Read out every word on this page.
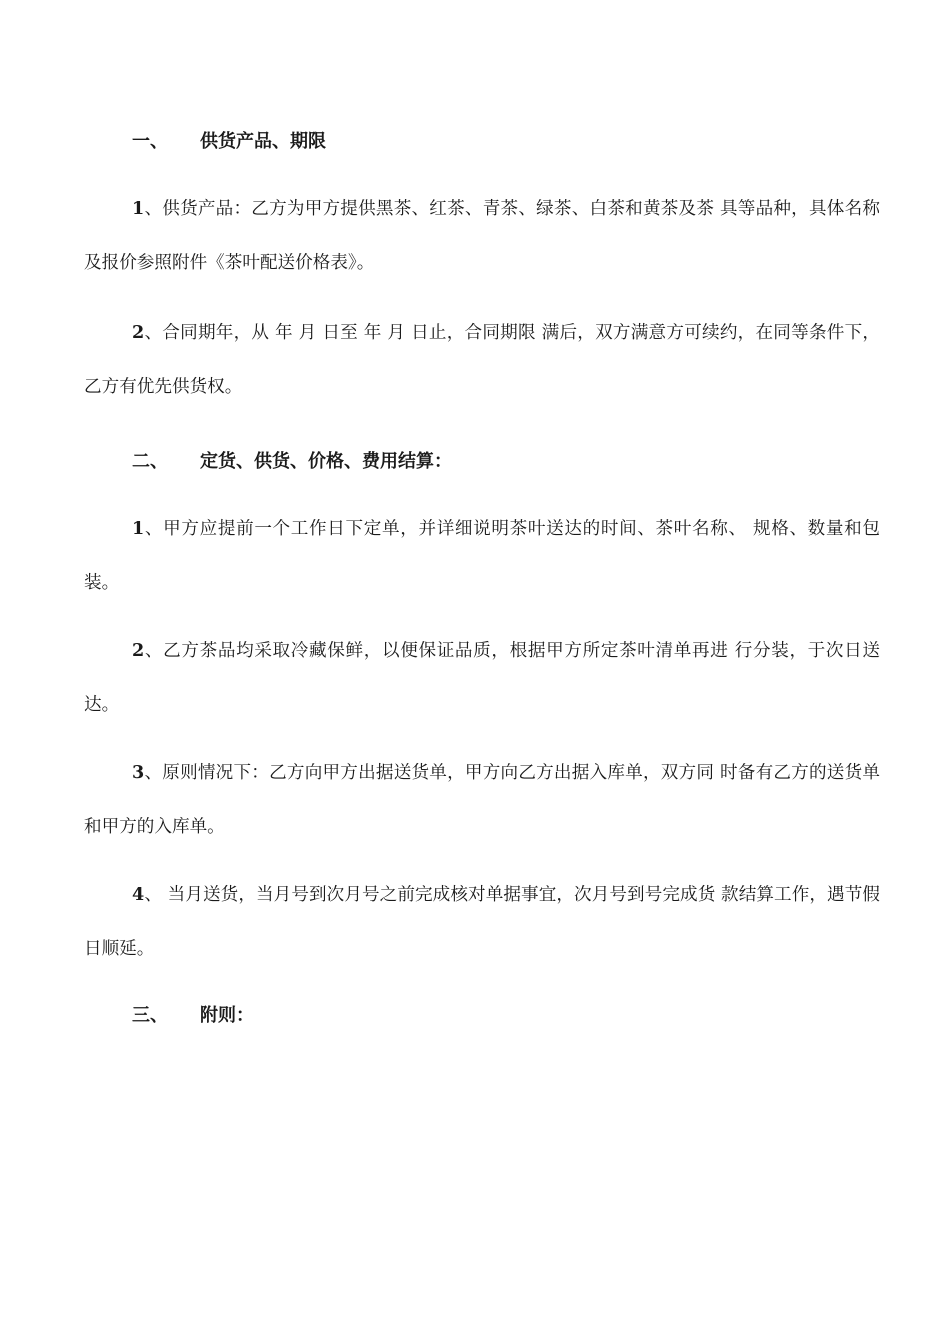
一、 供货产品、期限
1、供货产品：乙方为甲方提供黑茶、红茶、青茶、绿茶、白茶和黄茶及茶 具等品种，具体名称及报价参照附件《茶叶配送价格表》。
2、合同期年，从 年 月 日至 年 月 日止，合同期限 满后，双方满意方可续约，在同等条件下，乙方有优先供货权。
二、 定货、供货、价格、费用结算：
1、甲方应提前一个工作日下定单，并详细说明茶叶送达的时间、茶叶名称、 规格、数量和包装。
2、乙方茶品均采取冷藏保鲜，以便保证品质，根据甲方所定茶叶清单再进 行分装，于次日送达。
3、原则情况下：乙方向甲方出据送货单，甲方向乙方出据入库单，双方同 时备有乙方的送货单和甲方的入库单。
4、 当月送货，当月号到次月号之前完成核对单据事宜，次月号到号完成货 款结算工作，遇节假日顺延。
三、 附则：
